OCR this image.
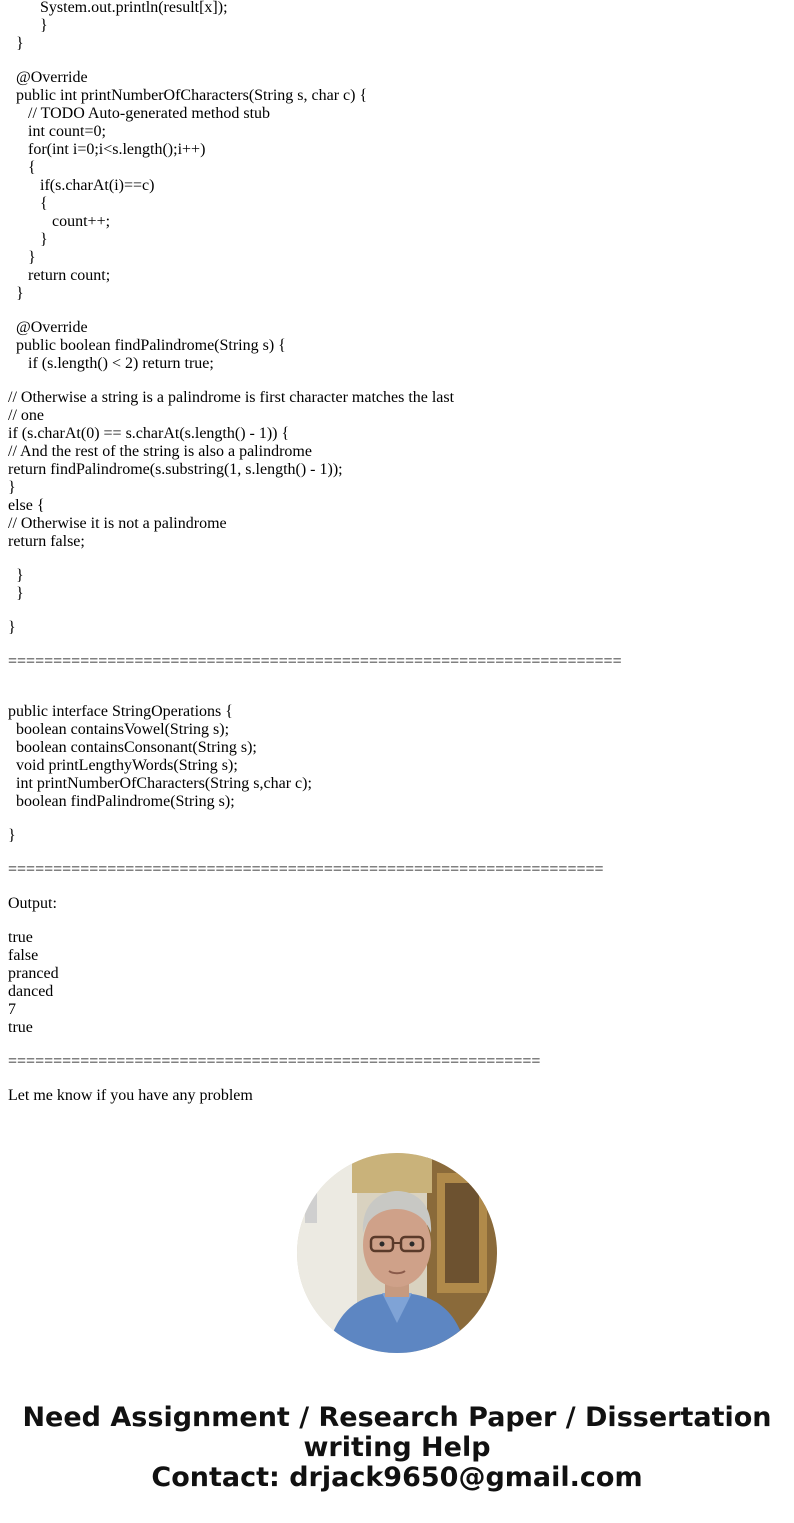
System.out.println(result[x]);
}
}
@Override
public int printNumberOfCharacters(String s, char c) {
// TODO Auto-generated method stub
int count=0;
for(int i=0;i<s.length();i++)
{
if(s.charAt(i)==c)
{
count++;
}
}
return count;
}
@Override
public boolean findPalindrome(String s) {
if (s.length() < 2) return true;
// Otherwise a string is a palindrome is first character matches the last
// one
if (s.charAt(0) == s.charAt(s.length() - 1)) {
// And the rest of the string is also a palindrome
return findPalindrome(s.substring(1, s.length() - 1));
}
else {
// Otherwise it is not a palindrome
return false;
}
}
}
====================================================================
public interface StringOperations {
boolean containsVowel(String s);
boolean containsConsonant(String s);
void printLengthyWords(String s);
int printNumberOfCharacters(String s,char c);
boolean findPalindrome(String s);
}
==================================================================
Output:
true
false
pranced
danced
7
true
===========================================================
Let me know if you have any problem
Need Assignment / Research Paper / Dissertation
writing Help
Contact: drjack9650@gmail.com
